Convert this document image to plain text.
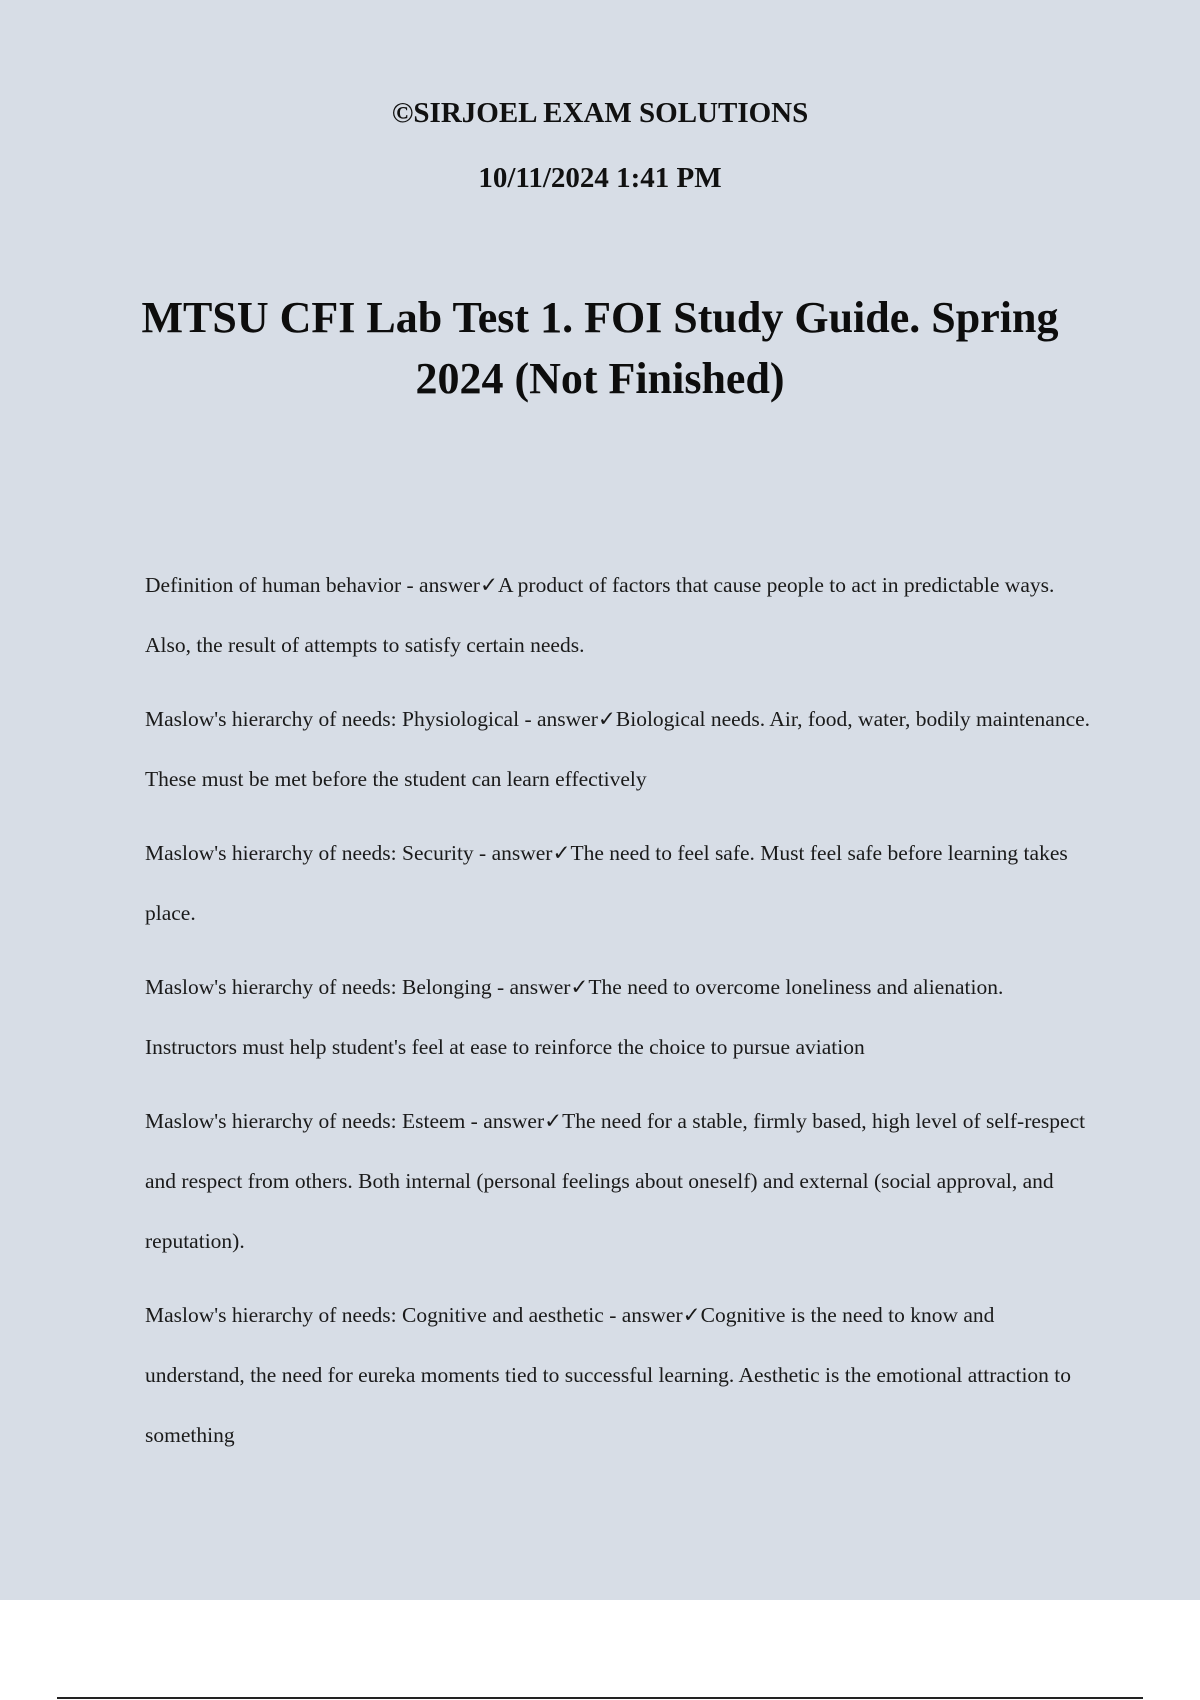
©SIRJOEL EXAM SOLUTIONS
10/11/2024 1:41 PM
MTSU CFI Lab Test 1. FOI Study Guide. Spring 2024 (Not Finished)
Definition of human behavior - answer✓A product of factors that cause people to act in predictable ways. Also, the result of attempts to satisfy certain needs.
Maslow's hierarchy of needs: Physiological - answer✓Biological needs. Air, food, water, bodily maintenance. These must be met before the student can learn effectively
Maslow's hierarchy of needs: Security - answer✓The need to feel safe. Must feel safe before learning takes place.
Maslow's hierarchy of needs: Belonging - answer✓The need to overcome loneliness and alienation. Instructors must help student's feel at ease to reinforce the choice to pursue aviation
Maslow's hierarchy of needs: Esteem - answer✓The need for a stable, firmly based, high level of self-respect and respect from others. Both internal (personal feelings about oneself) and external (social approval, and reputation).
Maslow's hierarchy of needs: Cognitive and aesthetic - answer✓Cognitive is the need to know and understand, the need for eureka moments tied to successful learning. Aesthetic is the emotional attraction to something
